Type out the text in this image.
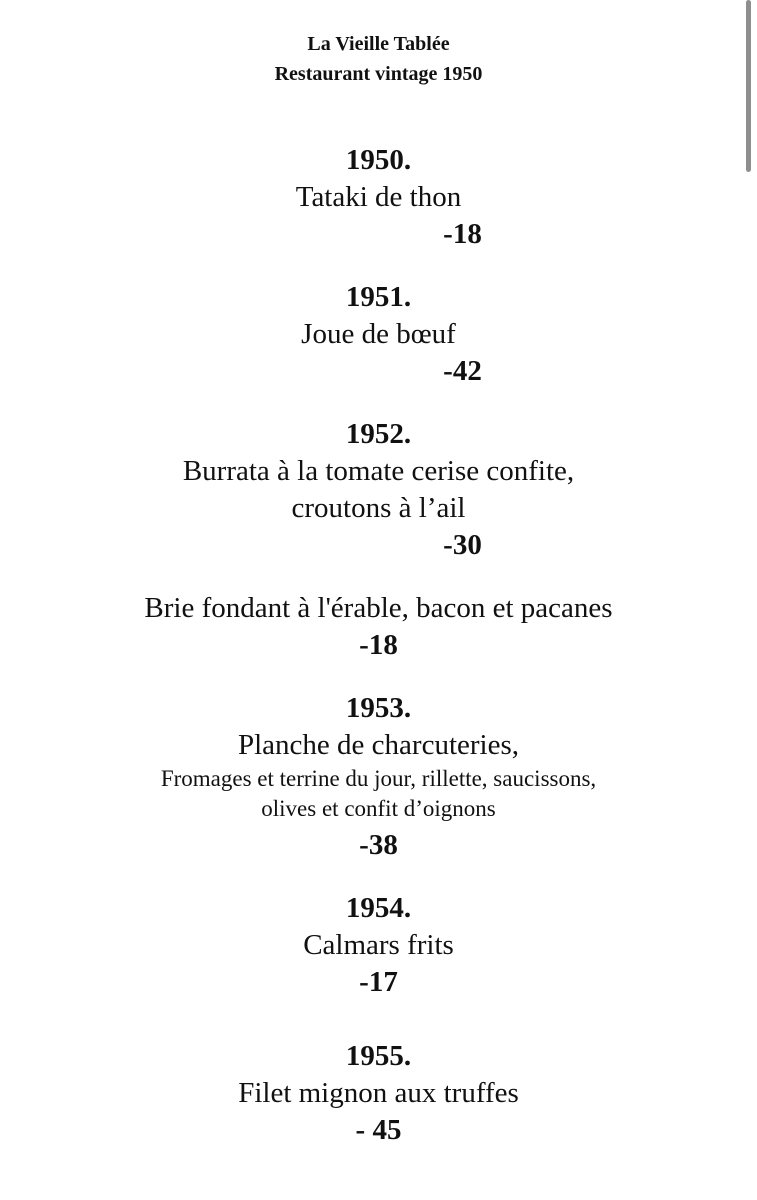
La Vieille Tablée
Restaurant vintage 1950
1950.
Tataki de thon
-18
1951.
Joue de bœuf
-42
1952.
Burrata à la tomate cerise confite,
croutons à l’ail
-30
Brie fondant à l'érable, bacon et pacanes
-18
1953.
Planche de charcuteries,
Fromages et terrine du jour, rillette, saucissons,
olives et confit d’oignons
-38
1954.
Calmars frits
-17
1955.
Filet mignon aux truffes
- 45
